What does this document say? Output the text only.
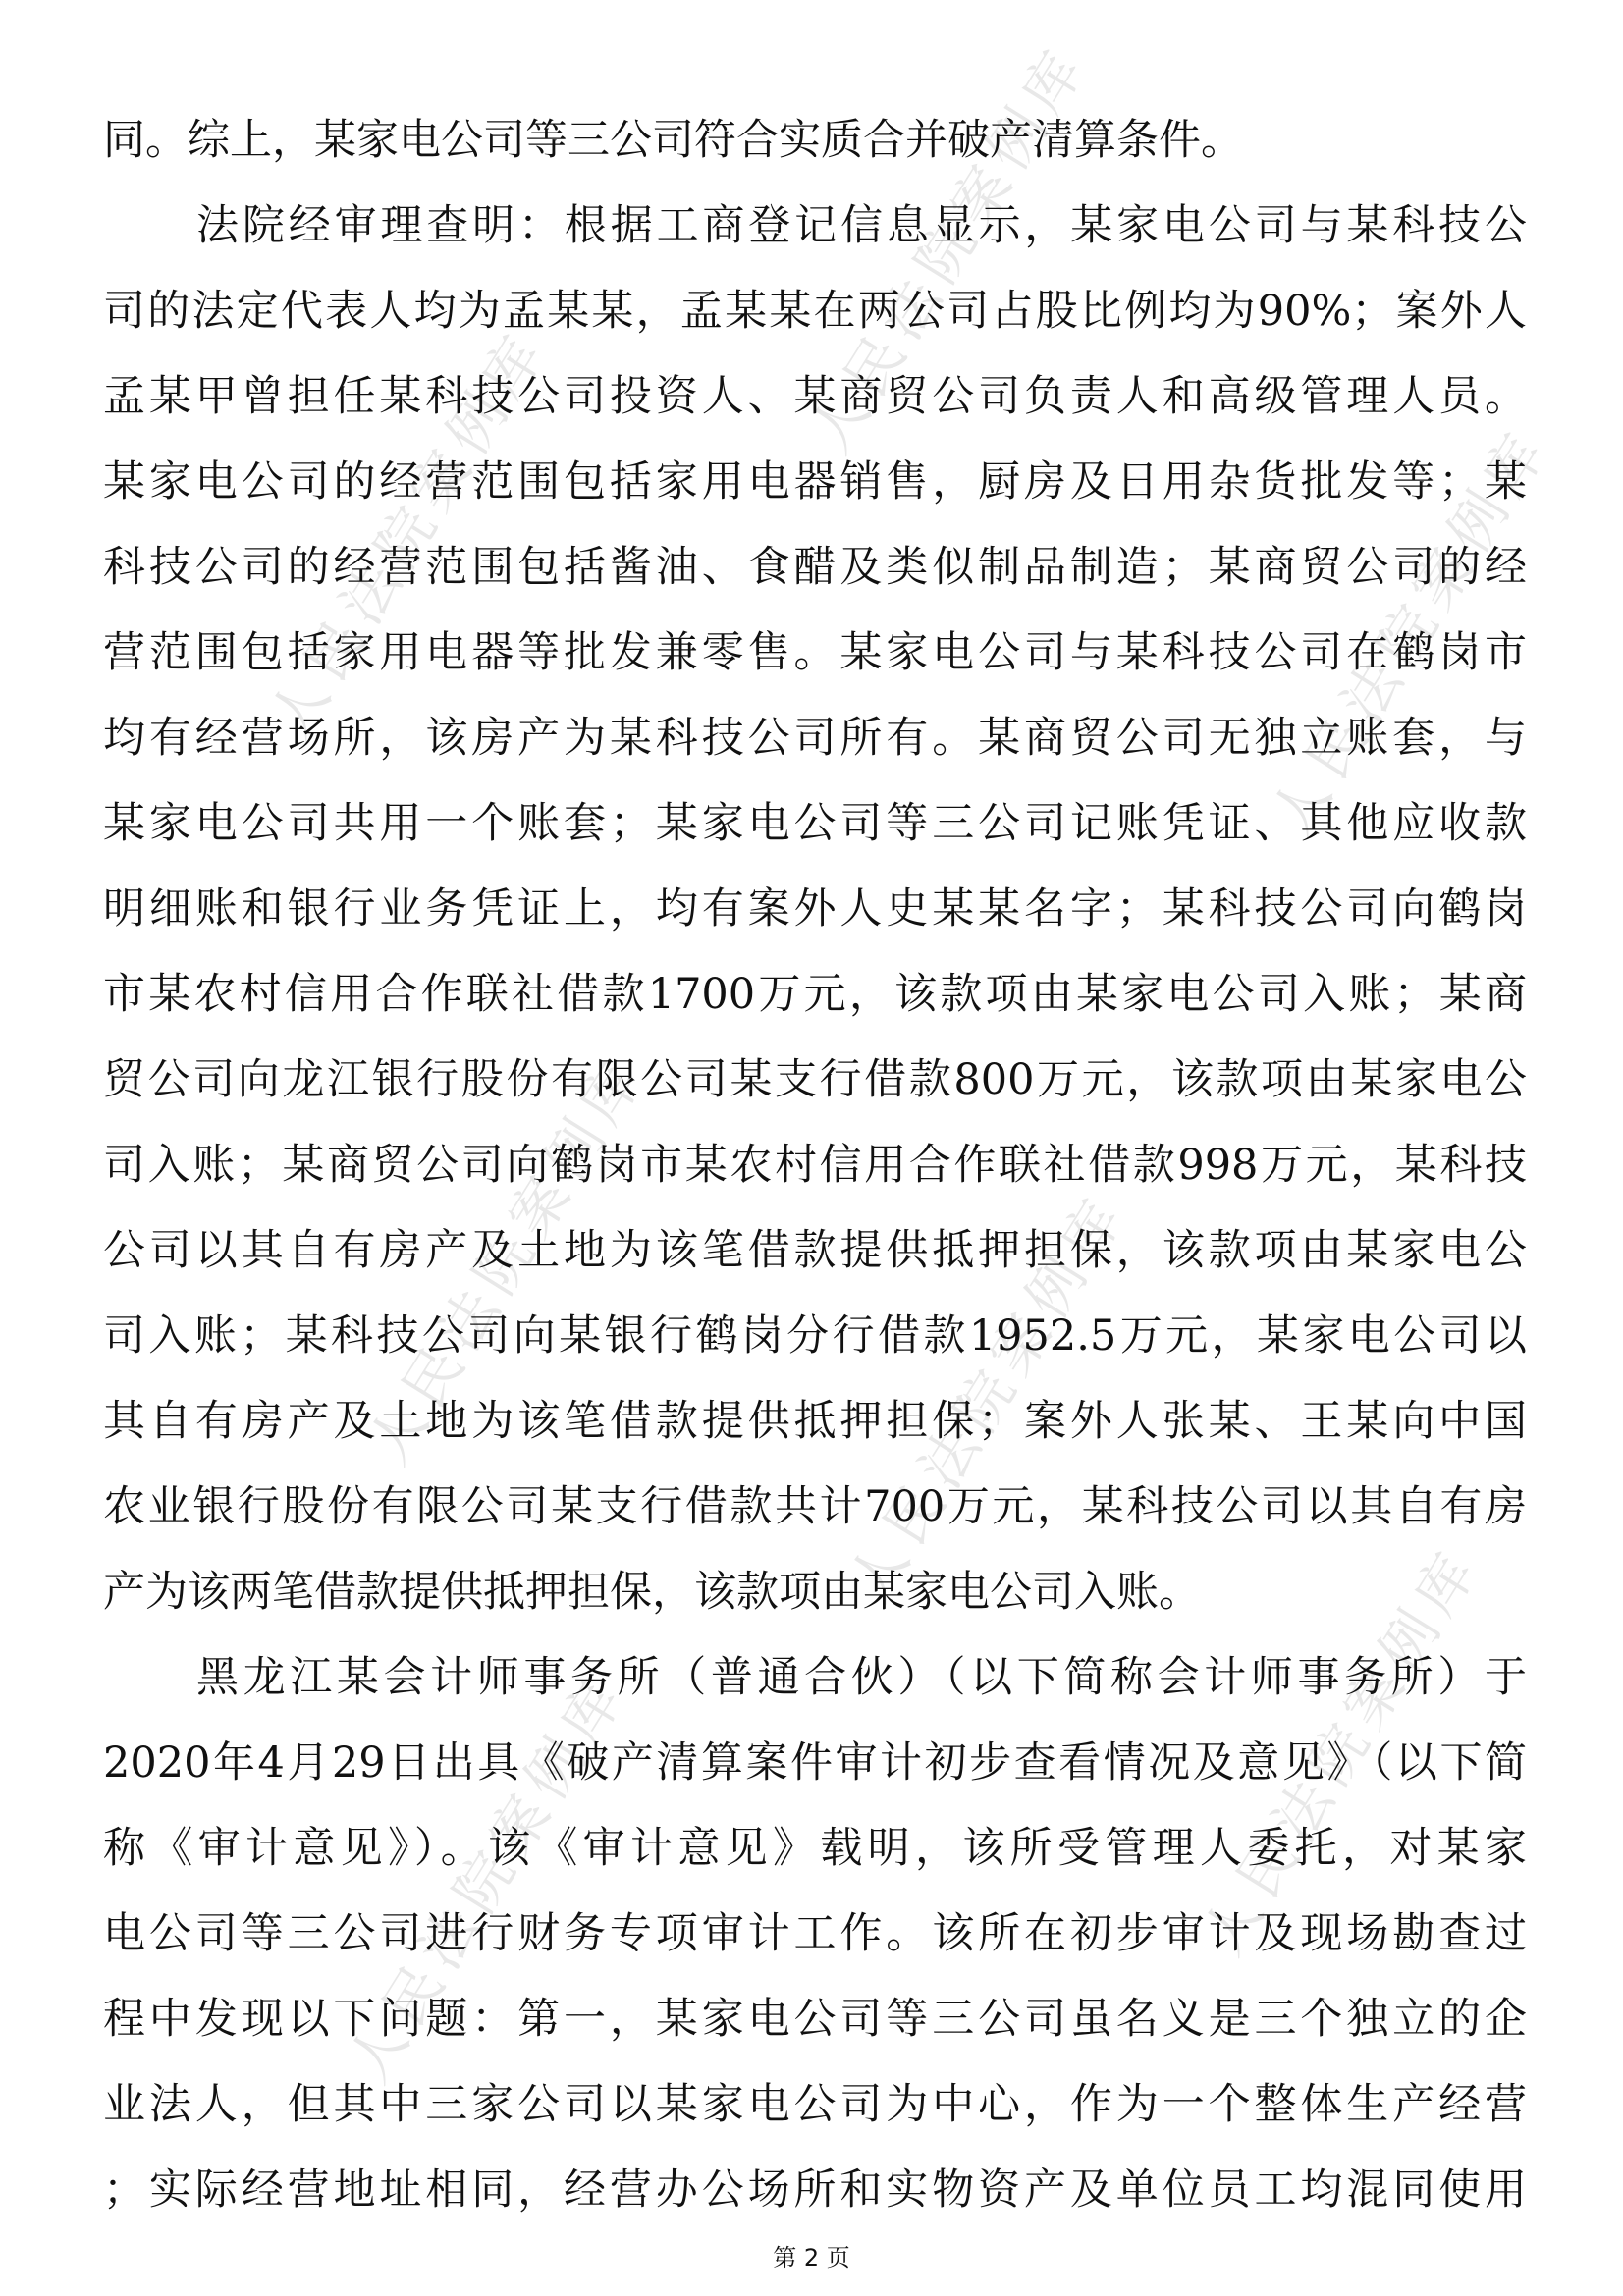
人民法院案例库
人民法院案例库
人民法院案例库
人民法院案例库	人民法院案例库
人民法院案例库
人民法院案例库
同。综上，某家电公司等三公司符合实质合并破产清算条件。
法院经审理查明：根据工商登记信息显示，某家电公司与某科技公
司的法定代表人均为孟某某，孟某某在两公司占股比例均为90%；案外人
孟某甲曾担任某科技公司投资人、某商贸公司负责人和高级管理人员。
某家电公司的经营范围包括家用电器销售，厨房及日用杂货批发等；某
科技公司的经营范围包括酱油、食醋及类似制品制造；某商贸公司的经
营范围包括家用电器等批发兼零售。某家电公司与某科技公司在鹤岗市
均有经营场所，该房产为某科技公司所有。某商贸公司无独立账套，与
某家电公司共用一个账套；某家电公司等三公司记账凭证、其他应收款
明细账和银行业务凭证上，均有案外人史某某名字；某科技公司向鹤岗
市某农村信用合作联社借款1700万元，该款项由某家电公司入账；某商
贸公司向龙江银行股份有限公司某支行借款800万元，该款项由某家电公
司入账；某商贸公司向鹤岗市某农村信用合作联社借款998万元，某科技
公司以其自有房产及土地为该笔借款提供抵押担保，该款项由某家电公
司入账；某科技公司向某银行鹤岗分行借款1952.5万元，某家电公司以
其自有房产及土地为该笔借款提供抵押担保；案外人张某、王某向中国
农业银行股份有限公司某支行借款共计700万元，某科技公司以其自有房
产为该两笔借款提供抵押担保，该款项由某家电公司入账。
黑龙江某会计师事务所（普通合伙）（以下简称会计师事务所）于
2020年4月29日出具《破产清算案件审计初步查看情况及意见》（以下简
称《审计意见》）。该《审计意见》载明，该所受管理人委托，对某家
电公司等三公司进行财务专项审计工作。该所在初步审计及现场勘查过
程中发现以下问题：第一，某家电公司等三公司虽名义是三个独立的企
业法人，但其中三家公司以某家电公司为中心，作为一个整体生产经营
；实际经营地址相同，经营办公场所和实物资产及单位员工均混同使用
第 2 页
